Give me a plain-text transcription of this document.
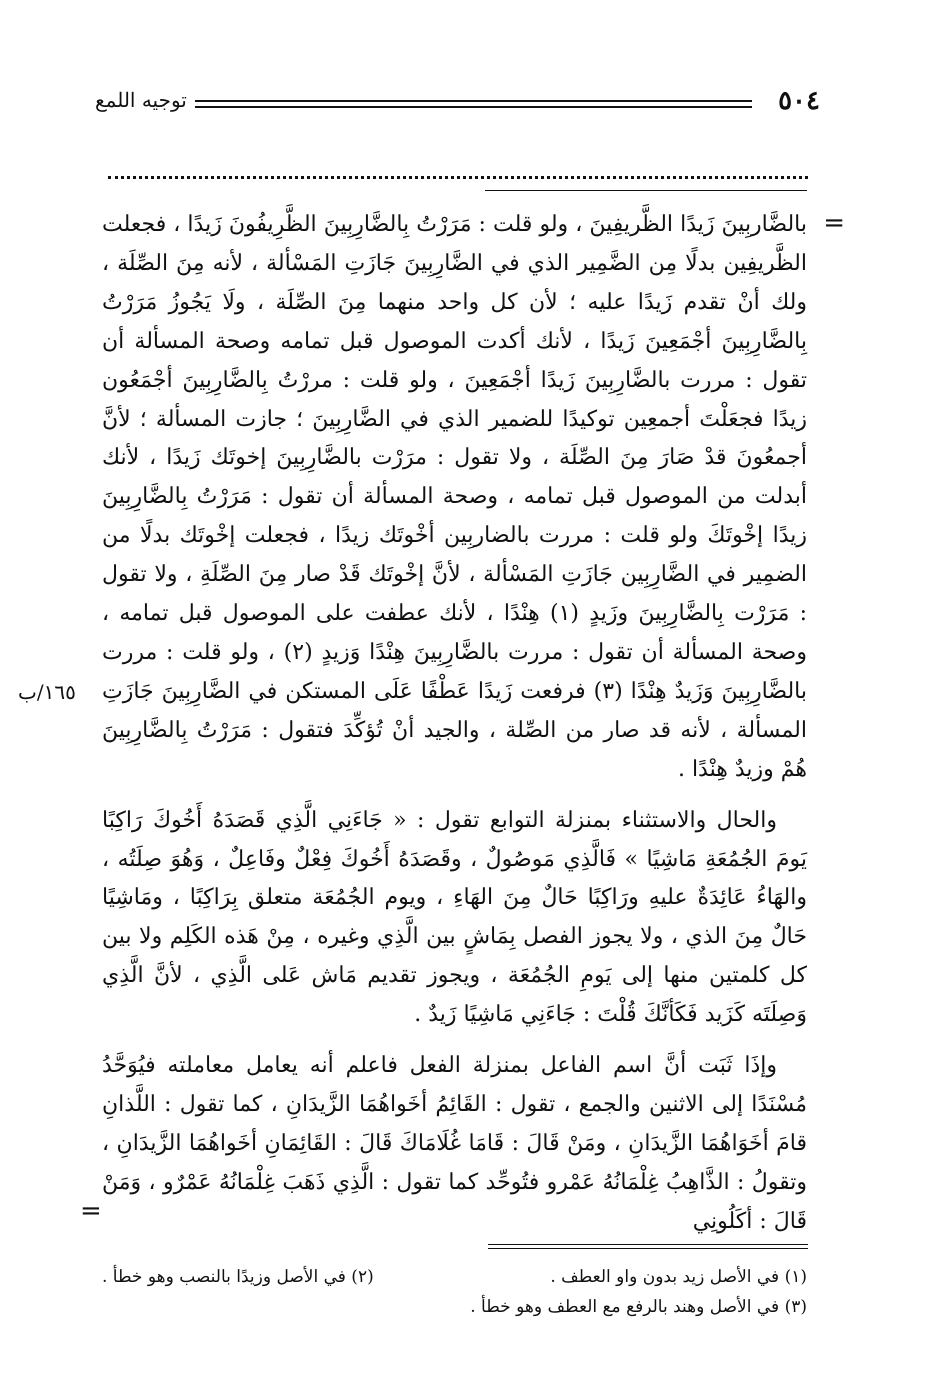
٥٠٤
توجيه اللمع
=
١٦٥/ب

بالضَّاربِينَ زَيدًا الظَّريفِينَ ، ولو قلت : مَرَرْتُ بِالضَّارِبِينَ الظَّرِيفُونَ زَيدًا ، فجعلت الظَّريفِين بدلًا مِن الضَّمِير الذي في الضَّارِبِينَ جَازَتِ المَسْألة ، لأنه مِنَ الصِّلَة ، ولك أنْ تقدم زَيدًا عليه ؛ لأن كل واحد منهما مِنَ الصِّلَة ، ولَا يَجُوزُ مَرَرْتُ بِالضَّارِبِينَ أجْمَعِينَ زَيدًا ، لأنك أكدت الموصول قبل تمامه وصحة المسألة أن تقول : مررت بالضَّارِبِينَ زَيدًا أجْمَعِينَ ، ولو قلت : مررْتُ بِالضَّارِبِينَ أجْمَعُون زيدًا فجعَلْتَ أجمعِين توكيدًا للضمير الذي في الضَّارِبِينَ ؛ جازت المسألة ؛ لأنَّ أجمعُونَ قدْ صَارَ مِنَ الصِّلَة ، ولا تقول : مرَرْت بالضَّارِبِينَ إخوتَك زَيدًا ، لأنك أبدلت من الموصول قبل تمامه ، وصحة المسألة أن تقول : مَرَرْتُ بِالضَّارِبِينَ زيدًا إخْوتَكَ ولو قلت : مررت بالضاربِين أخْوتَك زيدًا ، فجعلت إخْوتَك بدلًا من الضمِير في الضَّارِبِين جَازَتِ المَسْألة ، لأنَّ إخْوتَك قَدْ صار مِنَ الصِّلَةِ ، ولا تقول : مَرَرْت بِالضَّارِبِينَ وزَيدٍ (١) هِنْدًا ، لأنك عطفت على الموصول قبل تمامه ، وصحة المسألة أن تقول : مررت بالضَّارِبِينَ هِنْدًا وَزيدٍ (٢) ، ولو قلت : مررت بالضَّارِبِينَ وَزَيدٌ هِنْدًا (٣) فرفعت زَيدًا عَطْفًا عَلَى المستكن في الضَّارِبِينَ جَازَتِ المسألة ، لأنه قد صار من الصِّلة ، والجيد أنْ تُؤكِّدَ فتقول : مَرَرْتُ بِالضَّارِبِينَ هُمْ وزيدٌ هِنْدًا .

والحال والاستثناء بمنزلة التوابع تقول : « جَاءَنِي الَّذِي قَصَدَهُ أَخُوكَ رَاكِبًا يَومَ الجُمُعَةِ مَاشِيًا » فَالَّذِي مَوصُولٌ ، وقَصَدَهُ أَخُوكَ فِعْلٌ وفَاعِلٌ ، وَهُوَ صِلَتُه ، والهَاءُ عَائِدَةٌ عليهِ ورَاكِبًا حَالٌ مِنَ الهَاءِ ، ويوم الجُمُعَة متعلق بِرَاكِبًا ، ومَاشِيًا حَالٌ مِنَ الذي ، ولا يجوز الفصل بِمَاشٍ بين الَّذِي وغيره ، مِنْ هَذه الكَلِم ولا بين كل كلمتين منها إلى يَومِ الجُمُعَة ، ويجوز تقديم مَاش عَلى الَّذِي ، لأنَّ الَّذِي وَصِلَتَه كَزَيد فَكَأنَّكَ قُلْتَ : جَاءَنِي مَاشِيًا زَيدٌ .

وإذَا ثَبَت أنَّ اسم الفاعل بمنزلة الفعل فاعلم أنه يعامل معاملته فيُوَحَّدُ مُسْنَدًا إلى الاثنين والجمع ، تقول : القَائِمُ أخَواهُمَا الزَّيدَانِ ، كما تقول : اللَّذانِ قامَ أخَوَاهُمَا الزَّيدَانِ ، ومَنْ قَالَ : قَامَا غُلَامَاكَ قَالَ : القَائِمَانِ أخَواهُمَا الزَّيدَانِ ، وتقولُ : الذَّاهِبُ غِلْمَانُهُ عَمْرو فتُوحِّد كما تقول : الَّذِي ذَهَبَ غِلْمَانُهُ عَمْرٌو ، وَمَنْ قَالَ : أكَلُونِي

=
(١) في الأصل زيد بدون واو العطف .
(٢) في الأصل وزيدًا بالنصب وهو خطأ .
(٣) في الأصل وهند بالرفع مع العطف وهو خطأ .
